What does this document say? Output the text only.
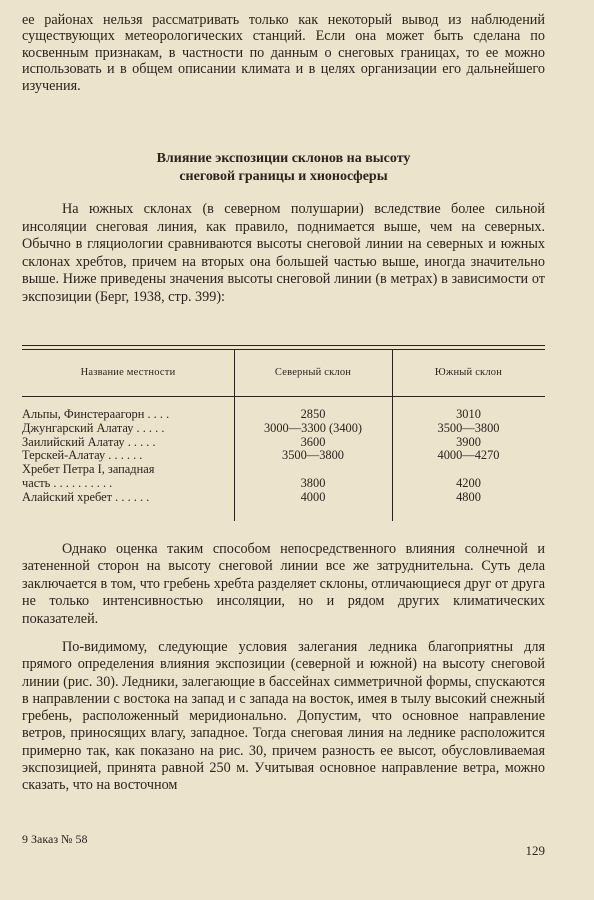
ее районах нельзя рассматривать только как некоторый вывод из наблюдений существующих метеорологических станций. Если она может быть сделана по косвенным признакам, в частности по данным о снеговых границах, то ее можно использовать и в общем описании климата и в целях организации его дальнейшего изучения.

Влияние экспозиции склонов на высоту
снеговой границы и хионосферы

На южных склонах (в северном полушарии) вследствие более сильной инсоляции снеговая линия, как правило, поднимается выше, чем на северных. Обычно в гляциологии сравниваются высоты снеговой линии на северных и южных склонах хребтов, причем на вторых она большей частью выше, иногда значительно выше. Ниже приведены значения высоты снеговой линии (в метрах) в зависимости от экспозиции (Берг, 1938, стр. 399):

Название местности	Северный склон	Южный склон
Альпы, Финстераагорн . . . .	2850	3010
Джунгарский Алатау . . . . .	3000—3300 (3400)	3500—3800
Заилийский Алатау . . . . .	3600	3900
Терскей-Алатау . . . . . .	3500—3800	4000—4270
Хребет Петра I, западная
часть . . . . . . . . . .	3800	4200
Алайский хребет . . . . . .	4000	4800

Однако оценка таким способом непосредственного влияния солнечной и затененной сторон на высоту снеговой линии все же затруднительна. Суть дела заключается в том, что гребень хребта разделяет склоны, отличающиеся друг от друга не только интенсивностью инсоляции, но и рядом других климатических показателей.

По-видимому, следующие условия залегания ледника благоприятны для прямого определения влияния экспозиции (северной и южной) на высоту снеговой линии (рис. 30). Ледники, залегающие в бассейнах симметричной формы, спускаются в направлении с востока на запад и с запада на восток, имея в тылу высокий снежный гребень, расположенный меридионально. Допустим, что основное направление ветров, приносящих влагу, западное. Тогда снеговая линия на леднике расположится примерно так, как показано на рис. 30, причем разность ее высот, обусловливаемая экспозицией, принята равной 250 м. Учитывая основное направление ветра, можно сказать, что на восточном

9 Заказ № 58
129
